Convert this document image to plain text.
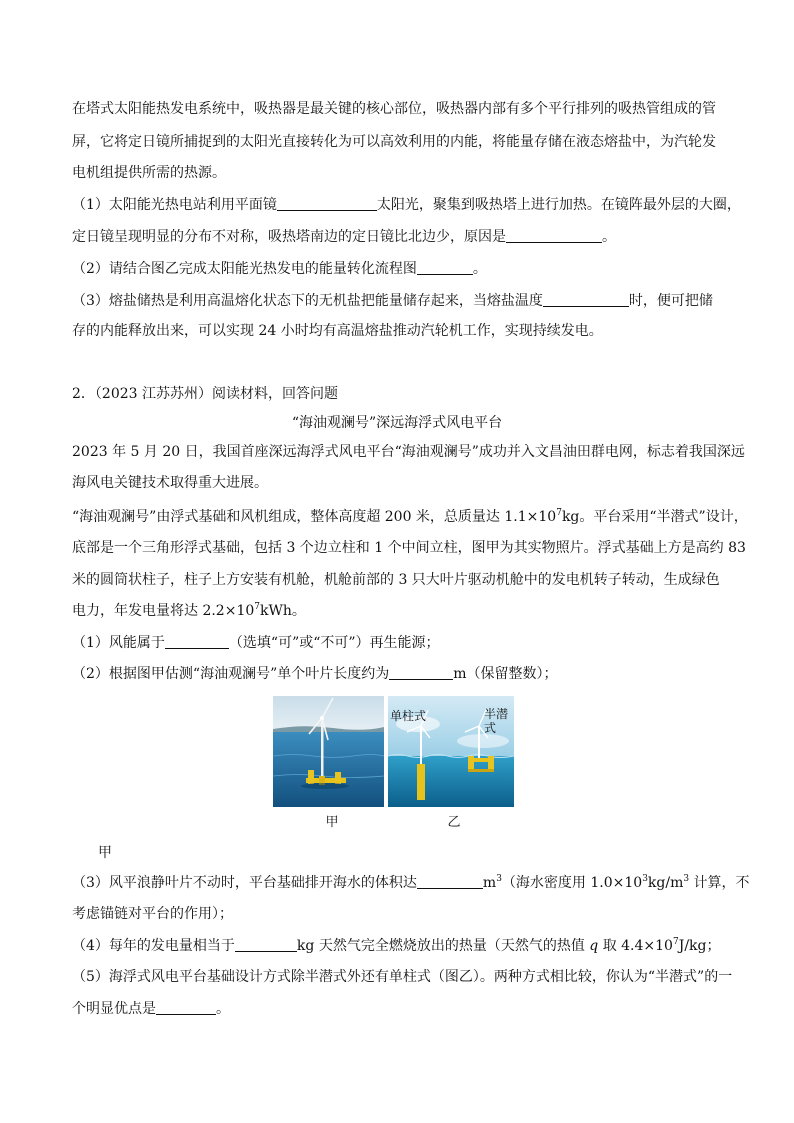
在塔式太阳能热发电系统中，吸热器是最关键的核心部位，吸热器内部有多个平行排列的吸热管组成的管
屏，它将定日镜所捕捉到的太阳光直接转化为可以高效利用的内能，将能量存储在液态熔盐中，为汽轮发
电机组提供所需的热源。
（1）太阳能光热电站利用平面镜	太阳光，聚集到吸热塔上进行加热。在镜阵最外层的大圈，
定日镜呈现明显的分布不对称，吸热塔南边的定日镜比北边少，原因是	。
（2）请结合图乙完成太阳能光热发电的能量转化流程图	。
（3）熔盐储热是利用高温熔化状态下的无机盐把能量储存起来，当熔盐温度	时，便可把储
存的内能释放出来，可以实现 24 小时均有高温熔盐推动汽轮机工作，实现持续发电。
2．（2023 江苏苏州）阅读材料，回答问题
“海油观澜号”深远海浮式风电平台
2023 年 5 月 20 日，我国首座深远海浮式风电平台“海油观澜号”成功并入文昌油田群电网，标志着我国深远
海风电关键技术取得重大进展。
“海油观澜号”由浮式基础和风机组成，整体高度超 200 米，总质量达 $1.1\times 10^7kg$。平台采用“半潜式”设计，
底部是一个三角形浮式基础，包括 3 个边立柱和 1 个中间立柱，图甲为其实物照片。浮式基础上方是高约 83
米的圆筒状柱子，柱子上方安装有机舱，机舱前部的 3 只大叶片驱动机舱中的发电机转子转动，生成绿色
电力，年发电量将达 $2.2\times 10^7kWh$。
（1）风能属于	（选填“可”或“不可”）再生能源；
（2）根据图甲估测“海油观澜号”单个叶片长度约为	m（保留整数）；
单柱式	半潜式
甲	乙
甲
（3）风平浪静叶片不动时，平台基础排开海水的体积达	$m^3$（海水密度用 $1.0\times 10^3kg/m^3$ 计算，不
考虑锚链对平台的作用）；
（4）每年的发电量相当于	kg 天然气完全燃烧放出的热量（天然气的热值 q 取 $4.4\times 10^7J/kg$；
（5）海浮式风电平台基础设计方式除半潜式外还有单柱式（图乙）。两种方式相比较，你认为“半潜式”的一
个明显优点是	。
